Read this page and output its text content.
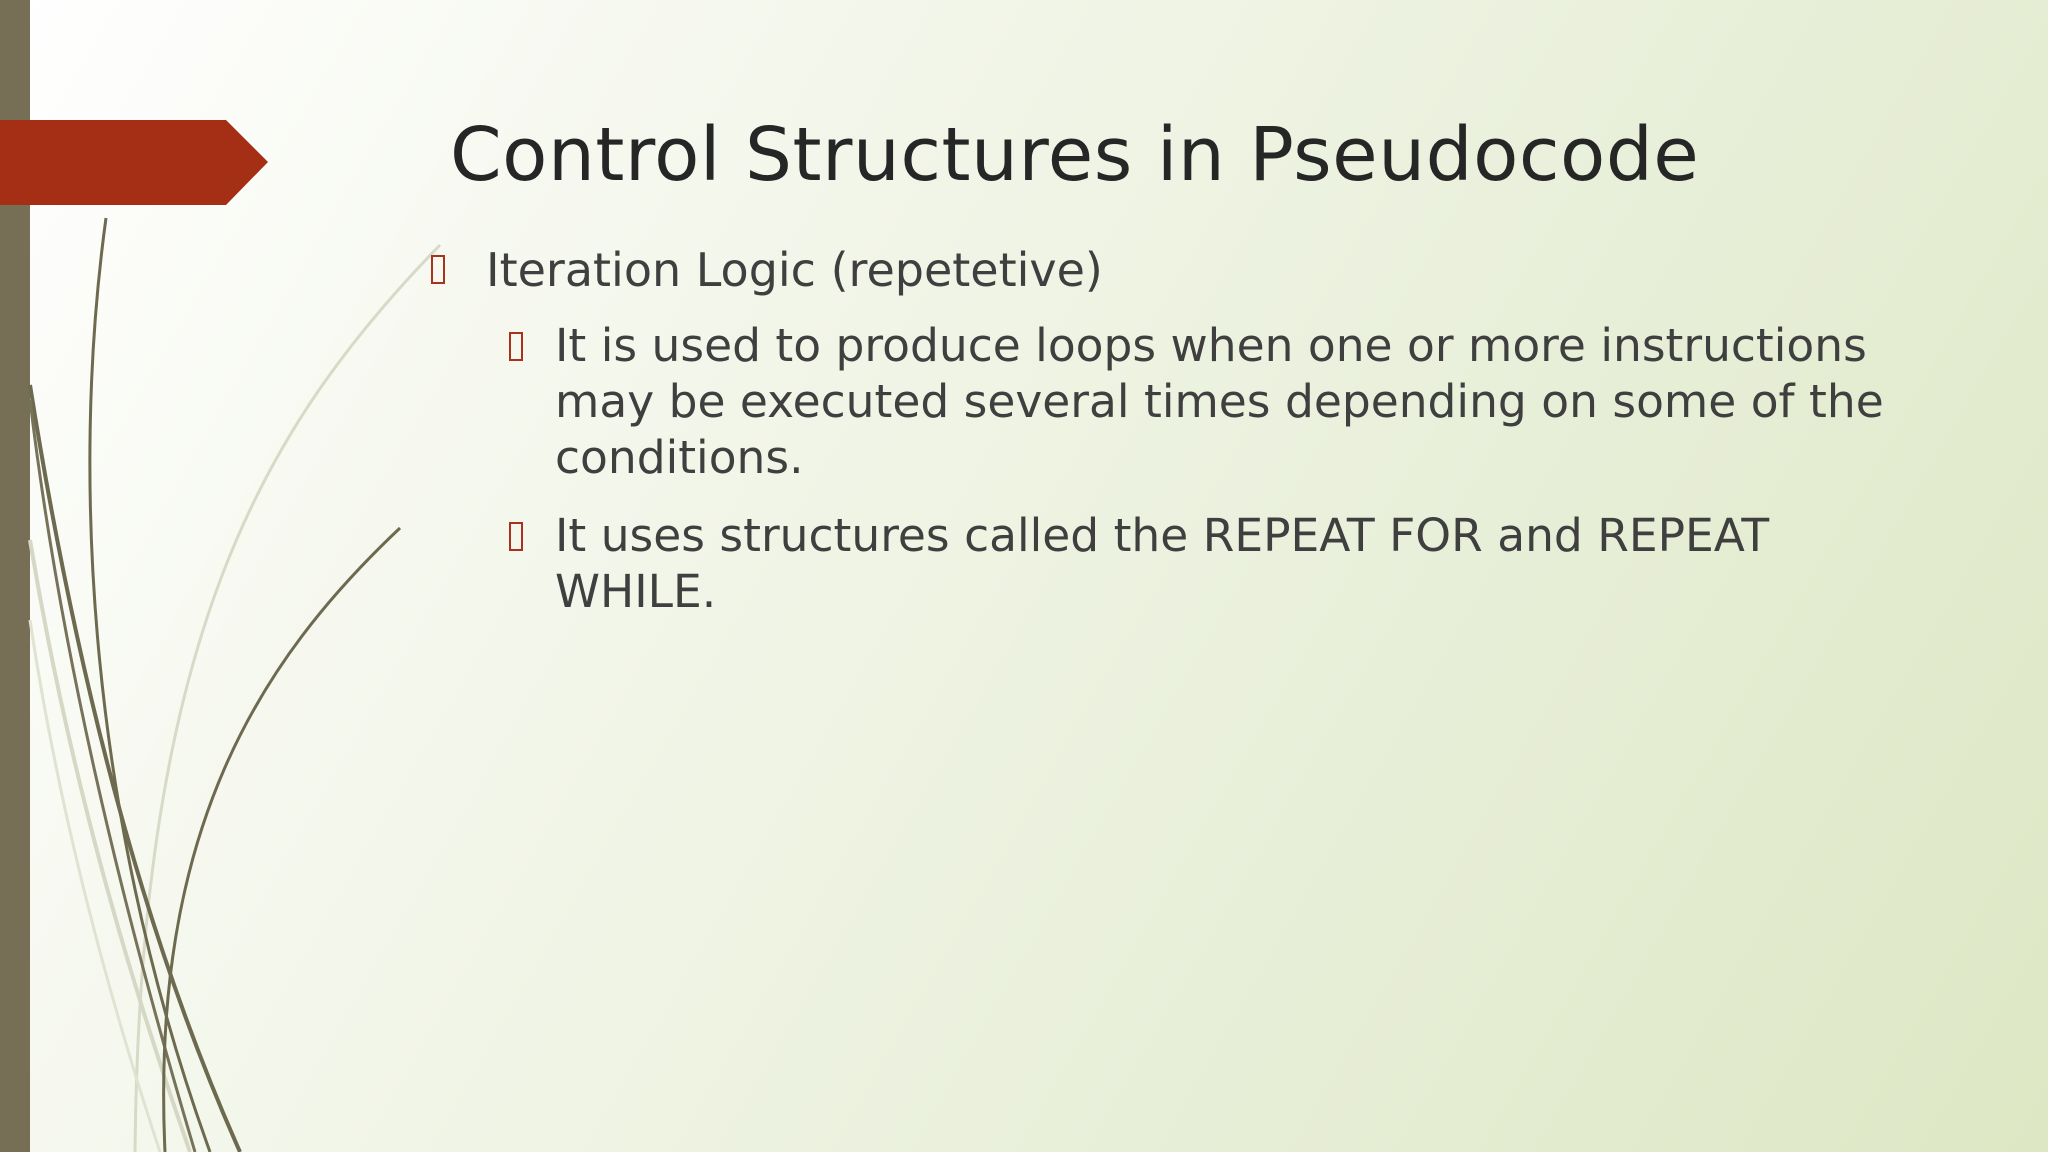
Control Structures in Pseudocode
Iteration Logic (repetetive)
It is used to produce loops when one or more instructions may be executed several times depending on some of the conditions.
It uses structures called the REPEAT FOR and REPEAT WHILE.
